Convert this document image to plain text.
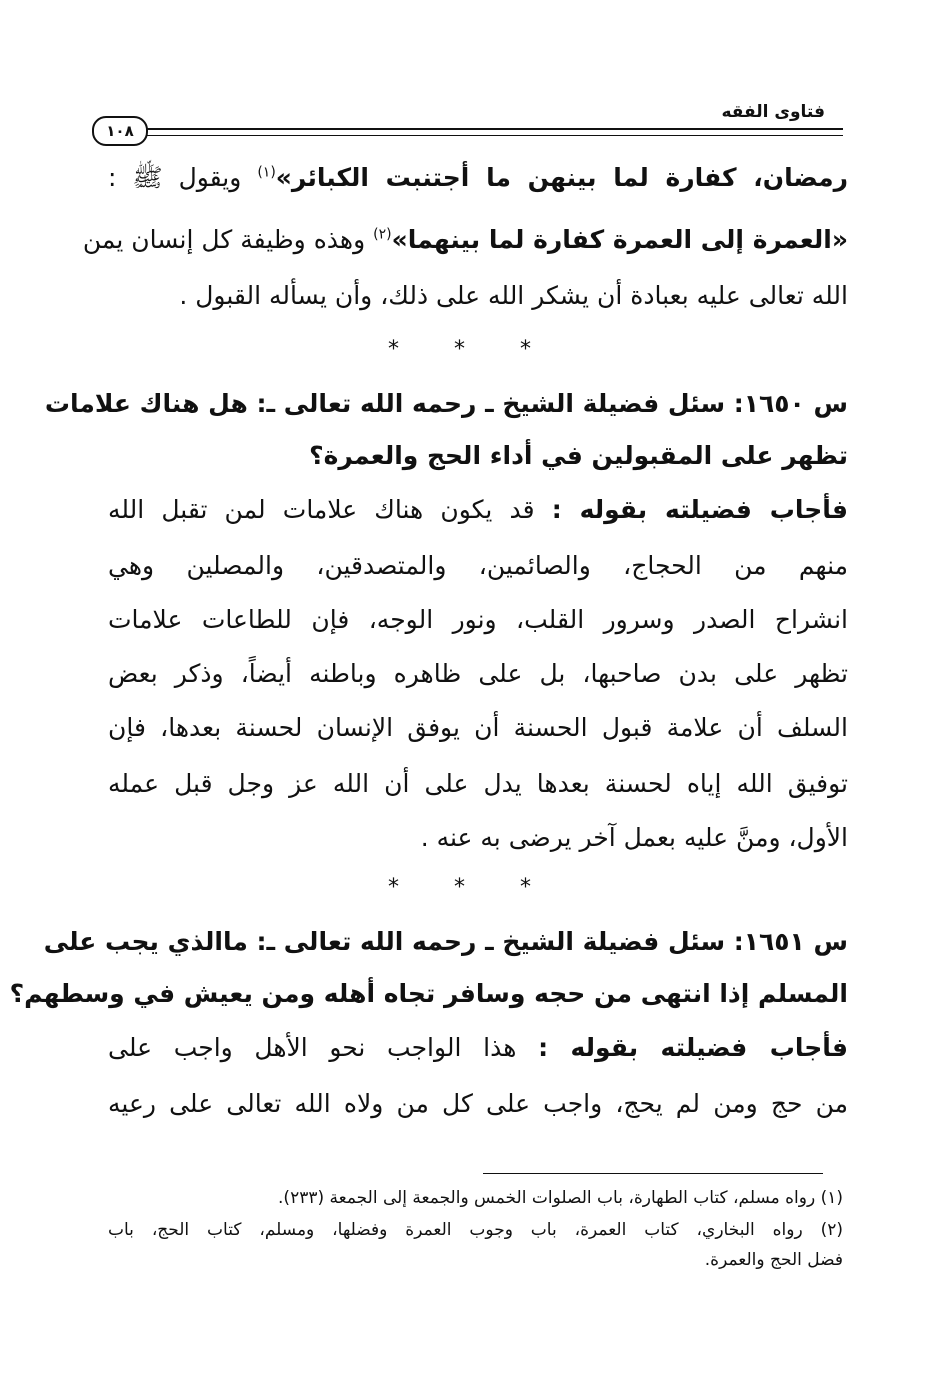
فتاوى الفقه
١٠٨
رمضان، كفارة لما بينهن ما أجتنبت الكبائر»$^{(١)}$ ويقول ﷺ :
«العمرة إلى العمرة كفارة لما بينهما»$^{(٢)}$ وهذه وظيفة كل إنسان يمن
الله تعالى عليه بعبادة أن يشكر الله على ذلك، وأن يسأله القبول .
* * *
س ١٦٥٠: سئل فضيلة الشيخ ـ رحمه الله تعالى ـ: هل هناك علامات
تظهر على المقبولين في أداء الحج والعمرة؟
فأجاب فضيلته بقوله : قد يكون هناك علامات لمن تقبل الله
منهم من الحجاج، والصائمين، والمتصدقين، والمصلين وهي
انشراح الصدر وسرور القلب، ونور الوجه، فإن للطاعات علامات
تظهر على بدن صاحبها، بل على ظاهره وباطنه أيضاً، وذكر بعض
السلف أن علامة قبول الحسنة أن يوفق الإنسان لحسنة بعدها، فإن
توفيق الله إياه لحسنة بعدها يدل على أن الله عز وجل قبل عمله
الأول، ومنَّ عليه بعمل آخر يرضى به عنه .
* * *
س ١٦٥١: سئل فضيلة الشيخ ـ رحمه الله تعالى ـ: ماالذي يجب على
المسلم إذا انتهى من حجه وسافر تجاه أهله ومن يعيش في وسطهم؟
فأجاب فضيلته بقوله : هذا الواجب نحو الأهل واجب على
من حج ومن لم يحج، واجب على كل من ولاه الله تعالى على رعيه
(١) رواه مسلم، كتاب الطهارة، باب الصلوات الخمس والجمعة إلى الجمعة (٢٣٣).
(٢) رواه البخاري، كتاب العمرة، باب وجوب العمرة وفضلها، ومسلم، كتاب الحج، باب
فضل الحج والعمرة.
